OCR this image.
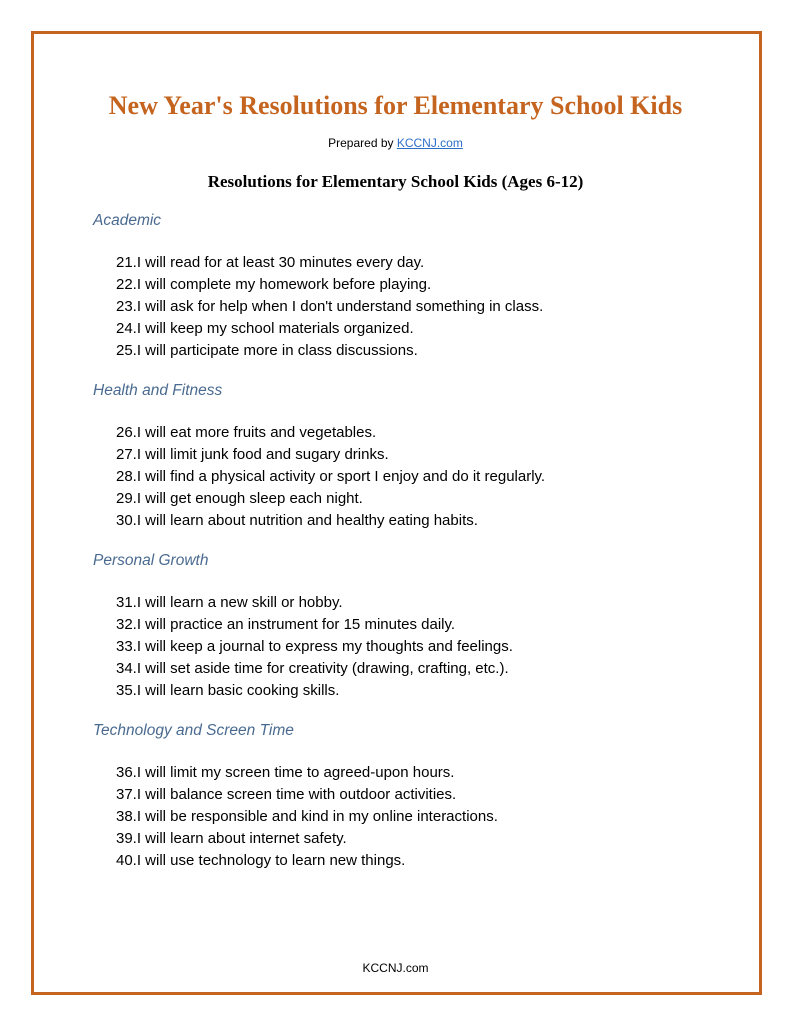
New Year's Resolutions for Elementary School Kids
Prepared by KCCNJ.com
Resolutions for Elementary School Kids (Ages 6-12)
Academic
21.I will read for at least 30 minutes every day.
22.I will complete my homework before playing.
23.I will ask for help when I don't understand something in class.
24.I will keep my school materials organized.
25.I will participate more in class discussions.
Health and Fitness
26.I will eat more fruits and vegetables.
27.I will limit junk food and sugary drinks.
28.I will find a physical activity or sport I enjoy and do it regularly.
29.I will get enough sleep each night.
30.I will learn about nutrition and healthy eating habits.
Personal Growth
31.I will learn a new skill or hobby.
32.I will practice an instrument for 15 minutes daily.
33.I will keep a journal to express my thoughts and feelings.
34.I will set aside time for creativity (drawing, crafting, etc.).
35.I will learn basic cooking skills.
Technology and Screen Time
36.I will limit my screen time to agreed-upon hours.
37.I will balance screen time with outdoor activities.
38.I will be responsible and kind in my online interactions.
39.I will learn about internet safety.
40.I will use technology to learn new things.
KCCNJ.com
